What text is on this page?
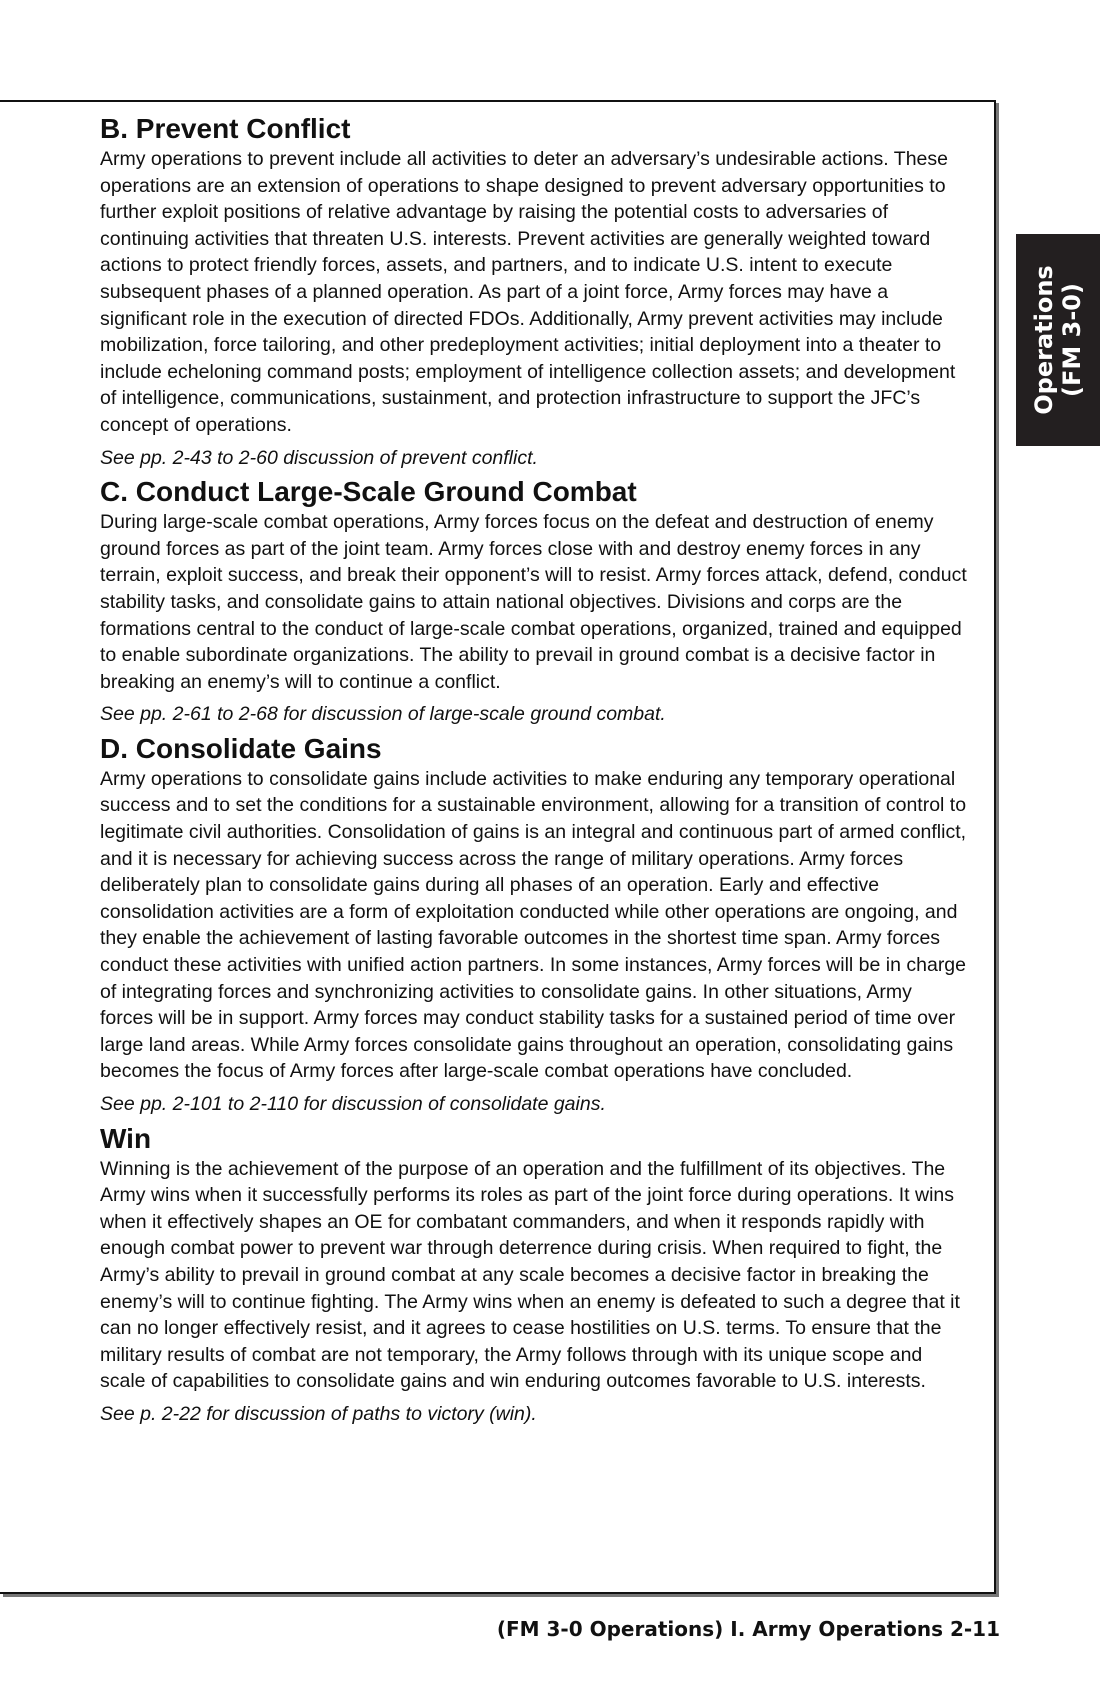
B. Prevent Conflict

Army operations to prevent include all activities to deter an adversary’s undesirable actions. These operations are an extension of operations to shape designed to prevent adversary opportunities to further exploit positions of relative advantage by raising the potential costs to adversaries of continuing activities that threaten U.S. interests. Prevent activities are generally weighted toward actions to protect friendly forces, assets, and partners, and to indicate U.S. intent to execute subsequent phases of a planned operation. As part of a joint force, Army forces may have a significant role in the execution of directed FDOs. Additionally, Army prevent activities may include mobilization, force tailoring, and other predeployment activities; initial deployment into a theater to include echeloning command posts; employment of intelligence collection assets; and development of intelligence, communications, sustainment, and protection infrastructure to support the JFC’s concept of operations.

See pp. 2-43 to 2-60 discussion of prevent conflict.

C. Conduct Large-Scale Ground Combat

During large-scale combat operations, Army forces focus on the defeat and destruction of enemy ground forces as part of the joint team. Army forces close with and destroy enemy forces in any terrain, exploit success, and break their opponent’s will to resist. Army forces attack, defend, conduct stability tasks, and consolidate gains to attain national objectives. Divisions and corps are the formations central to the conduct of large-scale combat operations, organized, trained and equipped to enable subordinate organizations. The ability to prevail in ground combat is a decisive factor in breaking an enemy’s will to continue a conflict.

See pp. 2-61 to 2-68 for discussion of large-scale ground combat.

D. Consolidate Gains

Army operations to consolidate gains include activities to make enduring any temporary operational success and to set the conditions for a sustainable environment, allowing for a transition of control to legitimate civil authorities. Consolidation of gains is an integral and continuous part of armed conflict, and it is necessary for achieving success across the range of military operations. Army forces deliberately plan to consolidate gains during all phases of an operation. Early and effective consolidation activities are a form of exploitation conducted while other operations are ongoing, and they enable the achievement of lasting favorable outcomes in the shortest time span. Army forces conduct these activities with unified action partners. In some instances, Army forces will be in charge of integrating forces and synchronizing activities to consolidate gains. In other situations, Army forces will be in support. Army forces may conduct stability tasks for a sustained period of time over large land areas. While Army forces consolidate gains throughout an operation, consolidating gains becomes the focus of Army forces after large-scale combat operations have concluded.

See pp. 2-101 to 2-110 for discussion of consolidate gains.

Win

Winning is the achievement of the purpose of an operation and the fulfillment of its objectives. The Army wins when it successfully performs its roles as part of the joint force during operations. It wins when it effectively shapes an OE for combatant commanders, and when it responds rapidly with enough combat power to prevent war through deterrence during crisis. When required to fight, the Army’s ability to prevail in ground combat at any scale becomes a decisive factor in breaking the enemy’s will to continue fighting. The Army wins when an enemy is defeated to such a degree that it can no longer effectively resist, and it agrees to cease hostilities on U.S. terms. To ensure that the military results of combat are not temporary, the Army follows through with its unique scope and scale of capabilities to consolidate gains and win enduring outcomes favorable to U.S. interests.

See p. 2-22 for discussion of paths to victory (win).

Operations (FM 3-0)
(FM 3-0 Operations) I. Army Operations 2-11
